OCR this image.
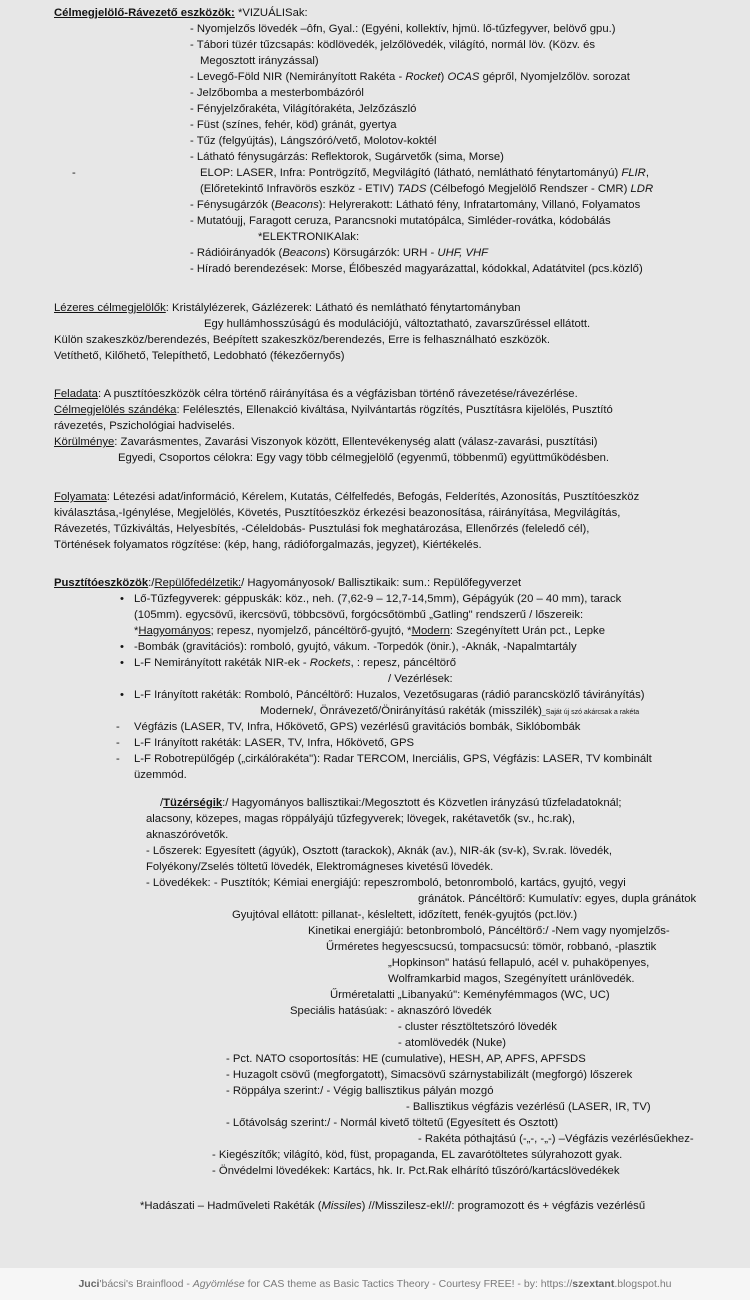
Célmegjelölő-Rávezető eszközök: *VIZUÁLISak:
- Nyomjelzős lövedék –ôfn, Gyal.: (Egyéni, kollektív, hjmü. lő-tűzfegyver, belövő gpu.)
- Tábori tüzér tűzcsapás: ködlövedék, jelzőlövedék, világító, normál löv. (Közv. és
Megosztott irányzással)
- Levegő-Föld NIR (Nemirányított Rakéta - Rocket) OCAS gépről, Nyomjelzőlöv. sorozat
- Jelzőbomba a mesterbombázóról
- Fényjelzőrakéta, Világítórakéta, Jelzőzászló
- Füst (színes, fehér, köd) gránát, gyertya
- Tűz (felgyújtás), Lángszóró/vető, Molotov-koktél
- Látható fénysugárzás: Reflektorok, Sugárvetők (sima, Morse)
-	ELOP: LASER, Infra: Pontrögzítő, Megvilágító (látható, nemlátható fénytartományú) FLIR,
(Előretekintő Infravörös eszköz - ETIV) TADS (Célbefogó Megjelölő Rendszer - CMR) LDR
- Fénysugárzók (Beacons): Helyrerakott: Látható fény, Infratartomány, Villanó, Folyamatos
- Mutatóujj, Faragott ceruza, Parancsnoki mutatópálca, Simléder-rovátka, kódobálás
*ELEKTRONIKAlak:
- Rádióirányadók (Beacons) Körsugárzók: URH - UHF, VHF
- Híradó berendezések: Morse, Élőbeszéd magyarázattal, kódokkal, Adatátvitel (pcs.közlő)
Lézeres célmegjelölők: Kristálylézerek, Gázlézerek: Látható és nemlátható fénytartományban
Egy hullámhosszúságú és modulációjú, változtatható, zavarszűréssel ellátott.
Külön szakeszköz/berendezés, Beépített szakeszköz/berendezés, Erre is felhasználható eszközök.
Vetíthető, Kilőhető, Telepíthető, Ledobható (fékezőernyős)
Feladata: A pusztítóeszközök célra történő ráirányítása és a végfázisban történő rávezetése/rávezérlése.
Célmegjelölés szándéka: Felélesztés, Ellenakció kiváltása, Nyilvántartás rögzítés, Pusztításra kijelölés, Pusztító
rávezetés, Pszichológiai hadviselés.
Körülménye: Zavarásmentes, Zavarási Viszonyok között, Ellentevékenység alatt (válasz-zavarási, pusztítási)
Egyedi, Csoportos célokra: Egy vagy több célmegjelölő (egyenmű, többenmű) együttműködésben.
Folyamata: Létezési adat/információ, Kérelem, Kutatás, Célfelfedés, Befogás, Felderítés, Azonosítás, Pusztítóeszköz
kiválasztása,-Igénylése, Megjelölés, Követés, Pusztítóeszköz érkezési beazonosítása, ráirányítása, Megvilágítás,
Rávezetés, Tűzkiváltás, Helyesbítés, -Céleldobás- Pusztulási fok meghatározása, Ellenőrzés (feleledő cél),
Történések folyamatos rögzítése: (kép, hang, rádióforgalmazás, jegyzet), Kiértékelés.
Pusztítóeszközök:/Repülőfedélzetik:/ Hagyományosok/ Ballisztikaik: sum.: Repülőfegyverzet
• Lő-Tűzfegyverek: géppuskák: köz., neh. (7,62-9 – 12,7-14,5mm), Gépágyúk (20 – 40 mm), tarack
(105mm). egycsövű, ikercsövű, többcsövű, forgócsőtömbű „Gatling" rendszerű / lőszereik:
*Hagyományos; repesz, nyomjelző, páncéltörő-gyujtó, *Modern: Szegényített Urán pct., Lepke
• -Bombák (gravitációs): romboló, gyujtó, vákum. -Torpedók (önir.), -Aknák, -Napalmtartály
• L-F Nemirányított rakéták NIR-ek - Rockets, : repesz, páncéltörő
/ Vezérlések:
• L-F Irányított rakéták: Romboló, Páncéltörő: Huzalos, Vezetősugaras (rádió parancsközlő távirányítás)
Modernek/, Önrávezető/Önirányítású rakéták (misszilék)_Saját új szó akárcsak a rakéta
- Végfázis (LASER, TV, Infra, Hőkövető, GPS) vezérlésű gravitációs bombák, Siklóbombák
- L-F Irányított rakéták: LASER, TV, Infra, Hőkövető, GPS
- L-F Robotrepülőgép („cirkálórakéta"): Radar TERCOM, Inerciális, GPS, Végfázis: LASER, TV kombinált
üzemmód.
/Tüzérségik:/ Hagyományos ballisztikai:/Megosztott és Közvetlen irányzású tűzfeladatoknál;
alacsony, közepes, magas röppályájú tűzfegyverek; lövegek, rakétavetők (sv., hc.rak),
aknaszóróvetők.
- Lőszerek: Egyesített (ágyúk), Osztott (tarackok), Aknák (av.), NIR-ák (sv-k), Sv.rak. lövedék,
Folyékony/Zselés töltetű lövedék, Elektromágneses kivetésű lövedék.
- Lövedékek: - Pusztítók; Kémiai energiájú: repeszromboló, betonromboló, kartács, gyujtó, vegyi
gránátok. Páncéltörő: Kumulatív: egyes, dupla gránátok
Gyujtóval ellátott: pillanat-, késleltett, időzített, fenék-gyujtós (pct.löv.)
Kinetikai energiájú: betonbromboló, Páncéltörő:/ -Nem vagy nyomjelzős-
Űrméretes hegyescsucsú, tompacsucsú: tömör, robbanó, -plasztik
„Hopkinson" hatású fellapuló, acél v. puhaköpenyes,
Wolframkarbid magos, Szegényített uránlövedék.
Űrméretalatti „Libanyakú": Keményfémmagos (WC, UC)
Speciális hatásúak: - aknaszóró lövedék
- cluster résztöltetszóró lövedék
- atomlövedék (Nuke)
- Pct. NATO csoportosítás: HE (cumulative), HESH, AP, APFS, APFSDS
- Huzagolt csövű (megforgatott), Simacsövű szárnystabilizált (megforgó) lőszerek
- Röppálya szerint:/ - Végig ballisztikus pályán mozgó
- Ballisztikus végfázis vezérlésű (LASER, IR, TV)
- Lőtávolság szerint:/ - Normál kivető töltetű (Egyesített és Osztott)
- Rakéta póthajtású (-„-, -„-) –Végfázis vezérlésűekhez-
- Kiegészítők; világító, köd, füst, propaganda, EL zavarótöltetes súlyrahozott gyak.
- Önvédelmi lövedékek: Kartács, hk. Ir. Pct.Rak elhárító tűszóró/kartácslövedékek
*Hadászati – Hadműveleti Rakéták (Missiles) //Misszilesz-ek!//: programozott és + végfázis vezérlésű
Juci'bácsi's Brainflood - Agyömlése for CAS theme as Basic Tactics Theory - Courtesy FREE! - by: https://szextant.blogspot.hu
